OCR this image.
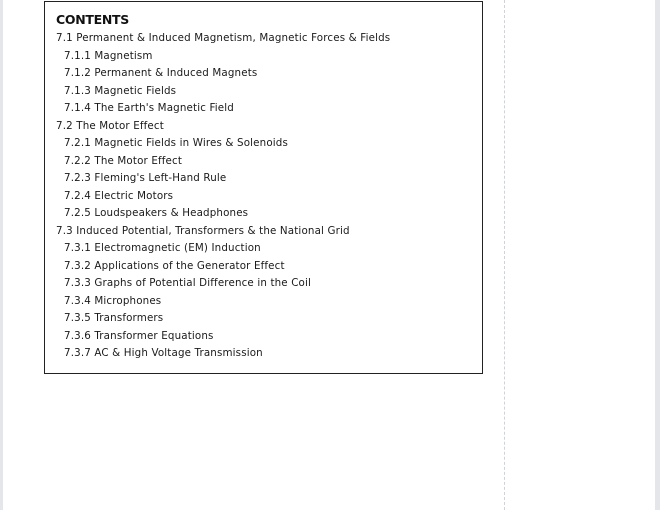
CONTENTS
7.1 Permanent & Induced Magnetism, Magnetic Forces & Fields
7.1.1 Magnetism
7.1.2 Permanent & Induced Magnets
7.1.3 Magnetic Fields
7.1.4 The Earth's Magnetic Field
7.2 The Motor Effect
7.2.1 Magnetic Fields in Wires & Solenoids
7.2.2 The Motor Effect
7.2.3 Fleming's Left-Hand Rule
7.2.4 Electric Motors
7.2.5 Loudspeakers & Headphones
7.3 Induced Potential, Transformers & the National Grid
7.3.1 Electromagnetic (EM) Induction
7.3.2 Applications of the Generator Effect
7.3.3 Graphs of Potential Difference in the Coil
7.3.4 Microphones
7.3.5 Transformers
7.3.6 Transformer Equations
7.3.7 AC & High Voltage Transmission
